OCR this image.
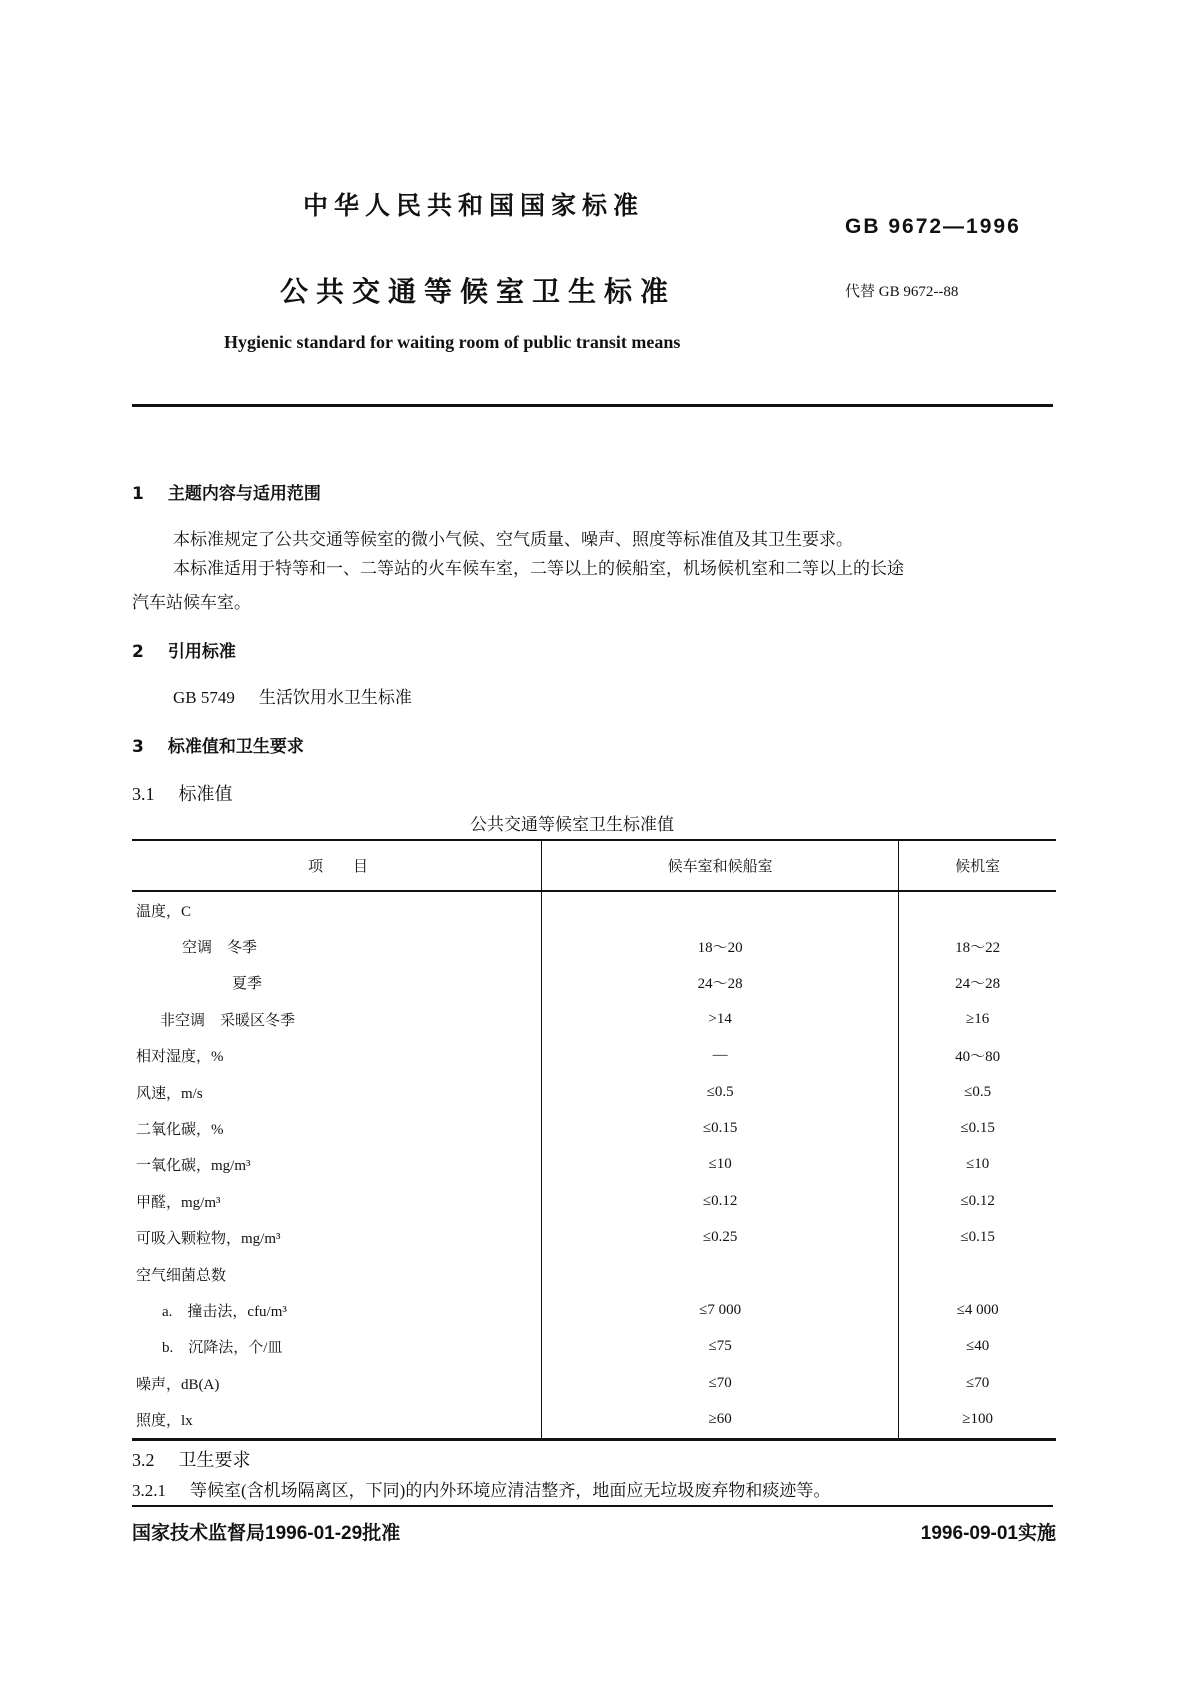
中华人民共和国国家标准
GB 9672—1996
公共交通等候室卫生标准	代替 GB 9672--88
Hygienic standard for waiting room of public transit means
1 主题内容与适用范围
本标准规定了公共交通等候室的微小气候、空气质量、噪声、照度等标准值及其卫生要求。
本标准适用于特等和一、二等站的火车候车室，二等以上的候船室，机场候机室和二等以上的长途
汽车站候车室。
2 引用标准
GB 5749 生活饮用水卫生标准
3 标准值和卫生要求
3.1 标准值
公共交通等候室卫生标准值
项　　目	候车室和候船室	候机室
温度，C		
空调　冬季	18～20	18～22
夏季	24～28	24～28
非空调　采暖区冬季	>14	≥16
相对湿度，%	—	40～80
风速，m/s	≤0.5	≤0.5
二氧化碳，%	≤0.15	≤0.15
一氧化碳，mg/m³	≤10	≤10
甲醛，mg/m³	≤0.12	≤0.12
可吸入颗粒物，mg/m³	≤0.25	≤0.15
空气细菌总数		
a.　撞击法，cfu/m³	≤7 000	≤4 000
b.　沉降法，个/皿	≤75	≤40
噪声，dB(A)	≤70	≤70
照度，lx	≥60	≥100
3.2 卫生要求
3.2.1 等候室(含机场隔离区，下同)的内外环境应清洁整齐，地面应无垃圾废弃物和痰迹等。
国家技术监督局1996-01-29批准	1996-09-01实施
